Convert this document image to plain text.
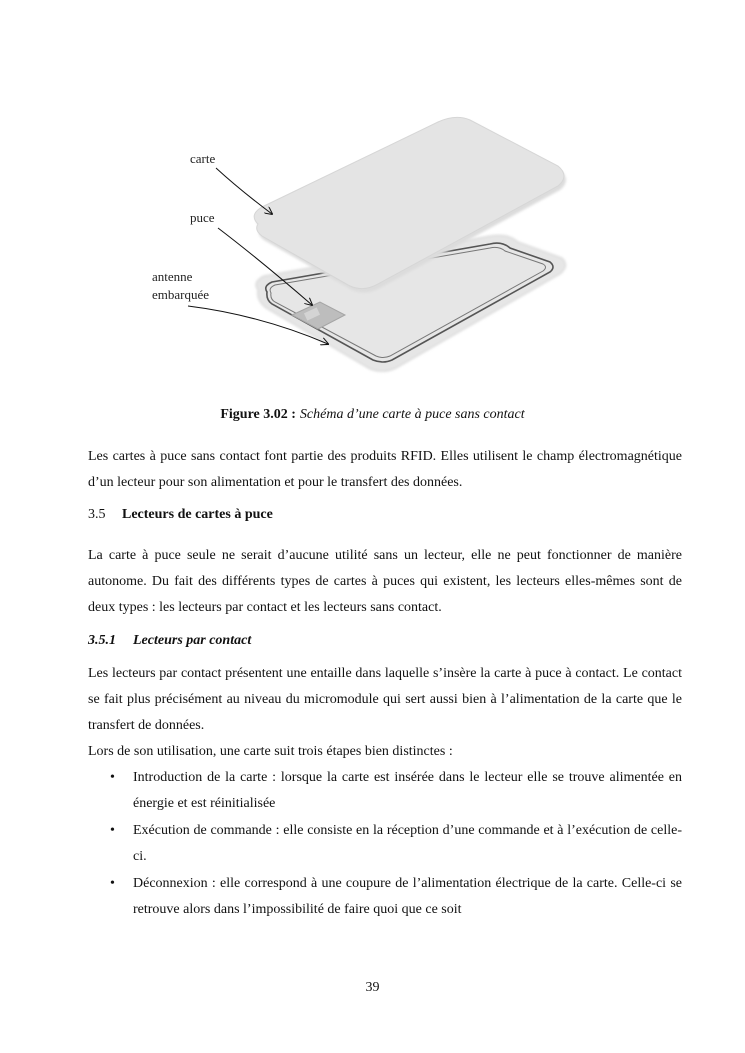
carte
puce
antenne
embarquée
Figure 3.02 : Schéma d’une carte à puce sans contact

Les cartes à puce sans contact font partie des produits RFID. Elles utilisent le champ électromagnétique d’un lecteur pour son alimentation et pour le transfert des données.

3.5 Lecteurs de cartes à puce

La carte à puce seule ne serait d’aucune utilité sans un lecteur, elle ne peut fonctionner de manière autonome. Du fait des différents types de cartes à puces qui existent, les lecteurs elles-mêmes sont de deux types : les lecteurs par contact et les lecteurs sans contact.

3.5.1 Lecteurs par contact

Les lecteurs par contact présentent une entaille dans laquelle s’insère la carte à puce à contact. Le contact se fait plus précisément au niveau du micromodule qui sert aussi bien à l’alimentation de la carte que le transfert de données.

Lors de son utilisation, une carte suit trois étapes bien distinctes :

• Introduction de la carte : lorsque la carte est insérée dans le lecteur elle se trouve alimentée en énergie et est réinitialisée
• Exécution de commande : elle consiste en la réception d’une commande et à l’exécution de celle-ci.
• Déconnexion : elle correspond à une coupure de l’alimentation électrique de la carte. Celle-ci se retrouve alors dans l’impossibilité de faire quoi que ce soit
39
